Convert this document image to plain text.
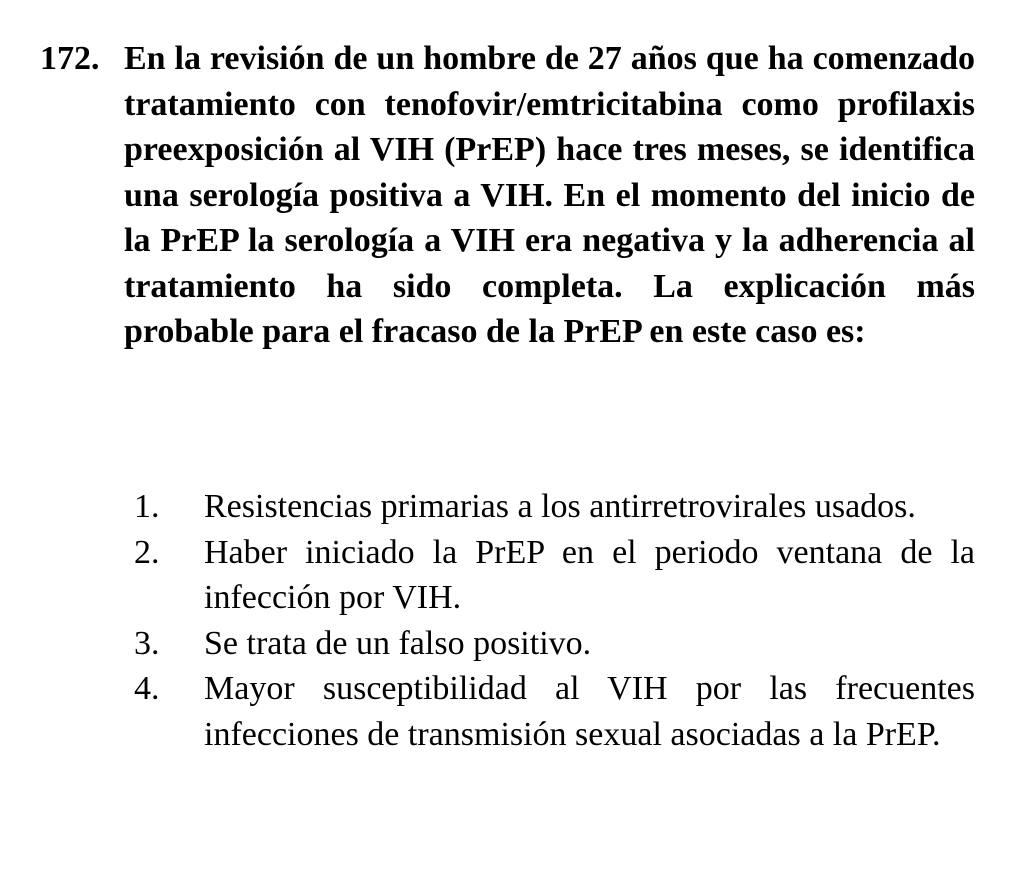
172. En la revisión de un hombre de 27 años que ha comenzado tratamiento con tenofovir/emtricitabina como profilaxis preexposición al VIH (PrEP) hace tres meses, se identifica una serología positiva a VIH. En el momento del inicio de la PrEP la serología a VIH era negativa y la adherencia al tratamiento ha sido completa. La explicación más probable para el fracaso de la PrEP en este caso es:

1.	Resistencias primarias a los antirretrovirales usados.
2.	Haber iniciado la PrEP en el periodo ventana de la infección por VIH.
3.	Se trata de un falso positivo.
4.	Mayor susceptibilidad al VIH por las frecuentes infecciones de transmisión sexual asociadas a la PrEP.
